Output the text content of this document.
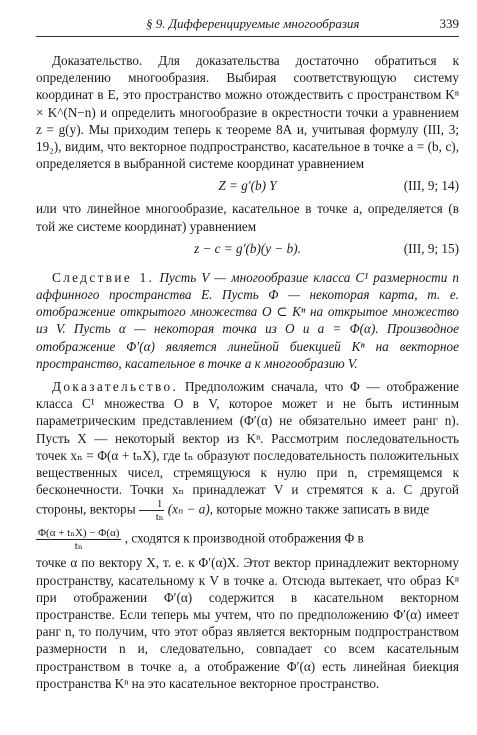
§ 9. Дифференцируемые многообразия	339

Доказательство. Для доказательства достаточно обратиться к определению многообразия. Выбирая соответствующую систему координат в E, это пространство можно отождествить с пространством Kⁿ × K^(N−n) и определить многообразие в окрестности точки a уравнением z = g(y). Мы приходим теперь к теореме 8А и, учитывая формулу (III, 3; 19₂), видим, что векторное подпространство, касательное в точке a = (b, c), определяется в выбранной системе координат уравнением

Z = g′(b) Y	(III, 9; 14)

или что линейное многообразие, касательное в точке a, определяется (в той же системе координат) уравнением

z − c = g′(b)(y − b).	(III, 9; 15)

Следствие 1. Пусть V — многообразие класса C¹ размерности n аффинного пространства E. Пусть Φ — некоторая карта, т. е. отображение открытого множества O ⊂ Kⁿ на открытое множество из V. Пусть α — некоторая точка из O и a = Φ(α). Производное отображение Φ′(α) является линейной биекцией Kⁿ на векторное пространство, касательное в точке a к многообразию V.

Доказательство. Предположим сначала, что Φ — отображение класса C¹ множества O в V, которое может и не быть истинным параметрическим представлением (Φ′(α) не обязательно имеет ранг n). Пусть X — некоторый вектор из Kⁿ. Рассмотрим последовательность точек xₙ = Φ(α + tₙX), где tₙ образуют последовательность положительных вещественных чисел, стремящуюся к нулю при n, стремящемся к бесконечности. Точки xₙ принадлежат V и стремятся к a. С другой стороны, векторы $\frac{1}{\text{tₙ}} (x_n - a)$, которые можно также записать в виде

$\frac{\text{Φ(α + tₙX) − Φ(α)}}{\text{tₙ}}$ , сходятся к производной отображения Φ в

точке α по вектору X, т. е. к Φ′(α)X. Этот вектор принадлежит векторному пространству, касательному к V в точке a. Отсюда вытекает, что образ Kⁿ при отображении Φ′(α) содержится в касательном векторном пространстве. Если теперь мы учтем, что по предположению Φ′(α) имеет ранг n, то получим, что этот образ является векторным подпространством размерности n и, следовательно, совпадает со всем касательным пространством в точке a, а отображение Φ′(α) есть линейная биекция пространства Kⁿ на это касательное векторное пространство.
